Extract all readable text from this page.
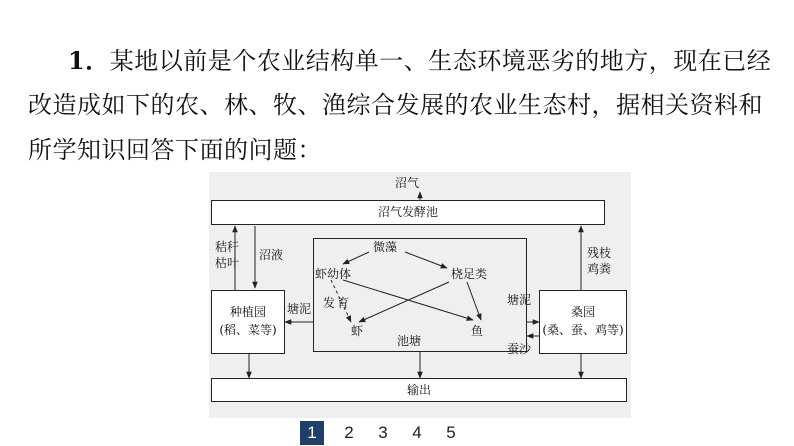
1．某地以前是个农业结构单一、生态环境恶劣的地方，现在已经
改造成如下的农、林、牧、渔综合发展的农业生态村，据相关资料和
所学知识回答下面的问题：
沼气
沼气发酵池
秸秆
枯叶
沼液	残枝
鸡粪
种植园
(稻、菜等)
桑园
(桑、蚕、鸡等)
塘泥
塘泥
蚕沙
微藻
虾幼体	桡足类
发 育
虾	鱼
池塘
输出
1	2	3	4	5
